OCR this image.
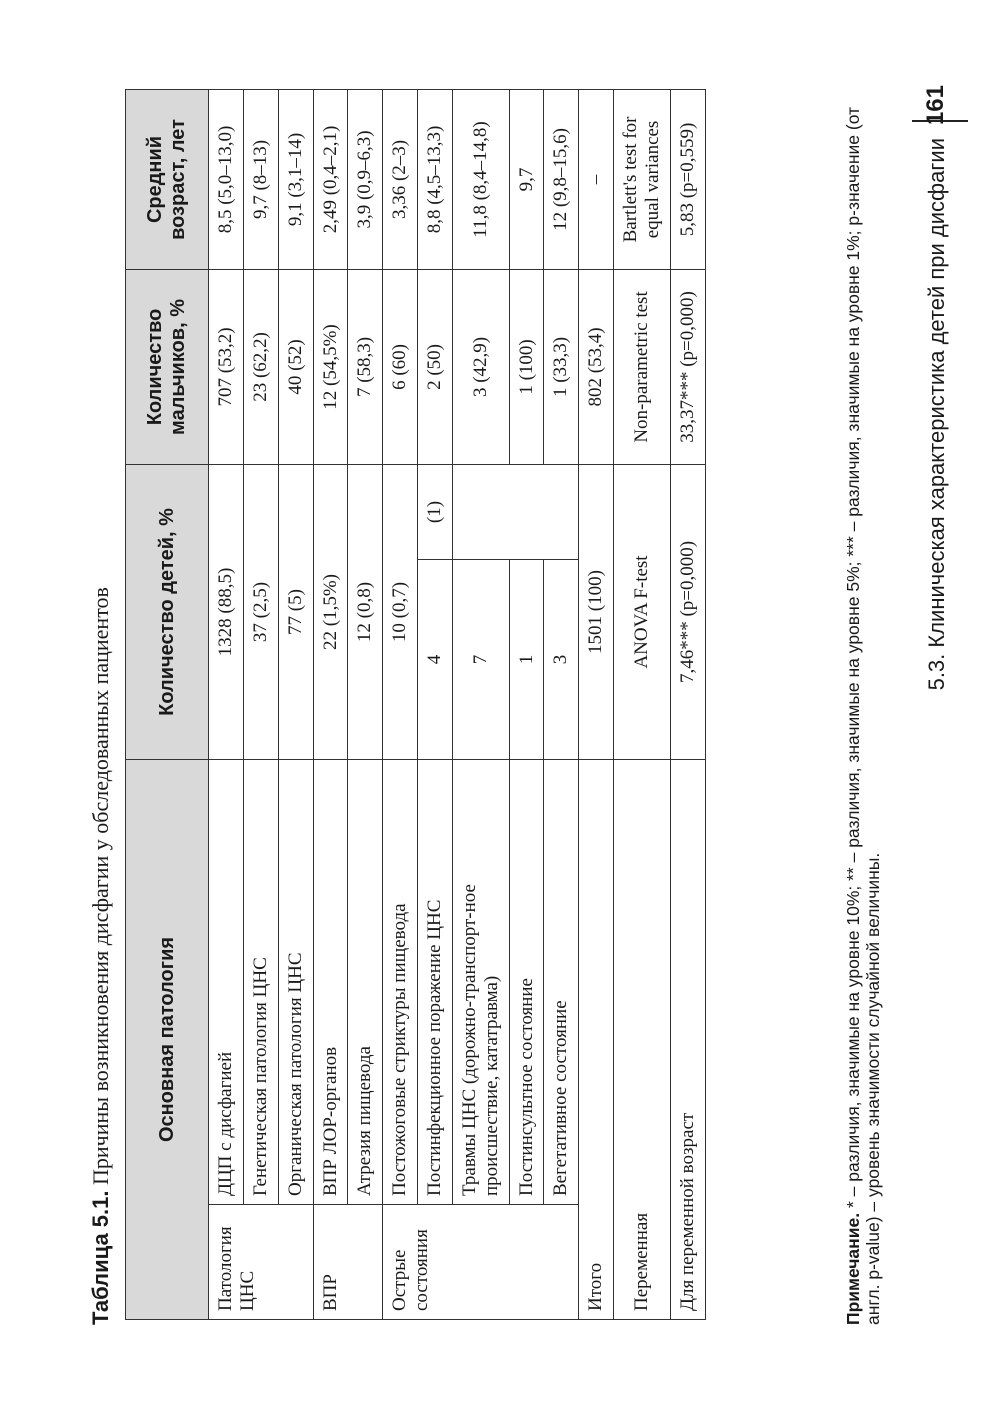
Таблица 5.1. Причины возникновения дисфагии у обследованных пациентов Основная патология		Количество детей, %		Количество мальчиков, %	Средний возраст, лет
Патология ЦНС	ДЦП с дисфагией	1328 (88,5)		707 (53,2)	8,5 (5,0–13,0)
	Генетическая патология ЦНС	37 (2,5)		23 (62,2)	9,7 (8–13)
	Органическая патология ЦНС	77 (5)		40 (52)	9,1 (3,1–14)
ВПР	ВПР ЛОР-органов	22 (1,5%)		12 (54,5%)	2,49 (0,4–2,1)
	Атрезия пищевода	12 (0,8)		7 (58,3)	3,9 (0,9–6,3)
Острые состояния	Постожоговые стриктуры пищевода	10 (0,7)		6 (60)	3,36 (2–3)
	Постинфекционное поражение ЦНС	4	(1)	2 (50)	8,8 (4,5–13,3)
	Травмы ЦНС (дорожно-транспорт-ное происшествие, кататравма)	7		3 (42,9)	11,8 (8,4–14,8)
	Постинсультное состояние	1		1 (100)	9,7
	Вегетативное состояние	3		1 (33,3)	12 (9,8–15,6)
Итого		1501 (100)		802 (53,4)	–
Переменная		ANOVA F-test		Non-parametric test	Bartlett's test for equal variances
Для переменной возраст		7,46*** (p=0,000)		33,37*** (p=0,000)	5,83 (p=0,559)
Примечание. * – различия, значимые на уровне 10%; ** – различия, значимые на уровне 5%; *** – различия, значимые на уровне 1%; p-значение (от англ. p-value) – уровень значимости случайной величины.
5.3. Клиническая характеристика детей при дисфагии
161
